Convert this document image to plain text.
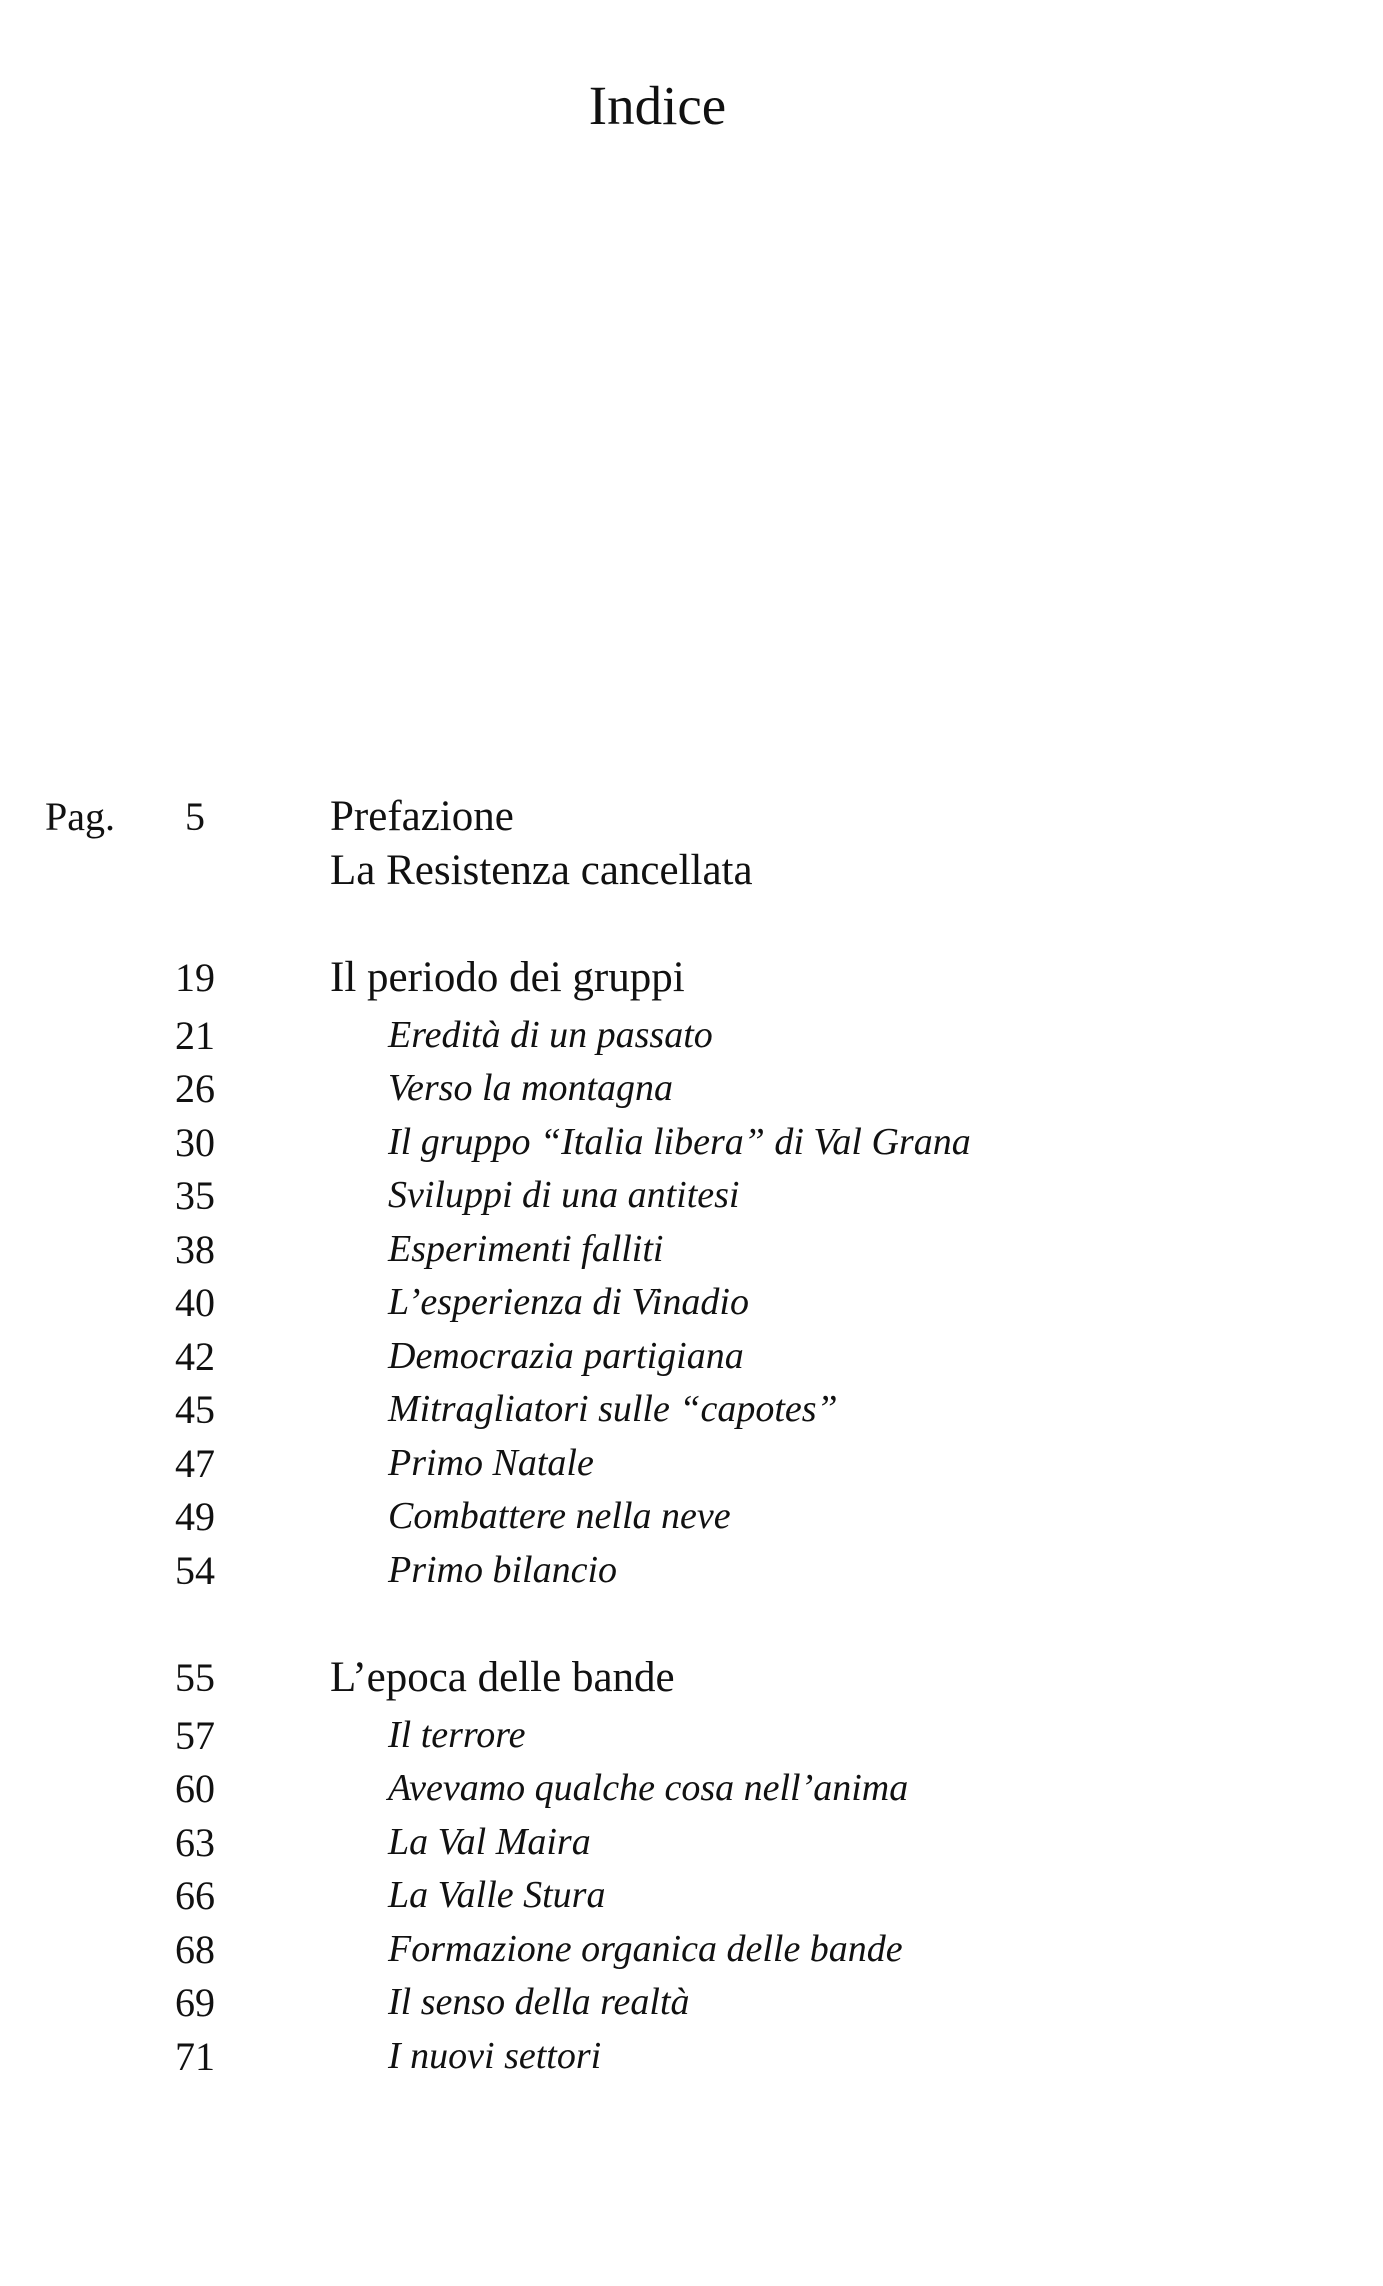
Indice
Pag.	5	Prefazione
La Resistenza cancellata
19	Il periodo dei gruppi
21	Eredità di un passato
26	Verso la montagna
30	Il gruppo “Italia libera” di Val Grana
35	Sviluppi di una antitesi
38	Esperimenti falliti
40	L’esperienza di Vinadio
42	Democrazia partigiana
45	Mitragliatori sulle “capotes”
47	Primo Natale
49	Combattere nella neve
54	Primo bilancio
55	L’epoca delle bande
57	Il terrore
60	Avevamo qualche cosa nell’anima
63	La Val Maira
66	La Valle Stura
68	Formazione organica delle bande
69	Il senso della realtà
71	I nuovi settori
